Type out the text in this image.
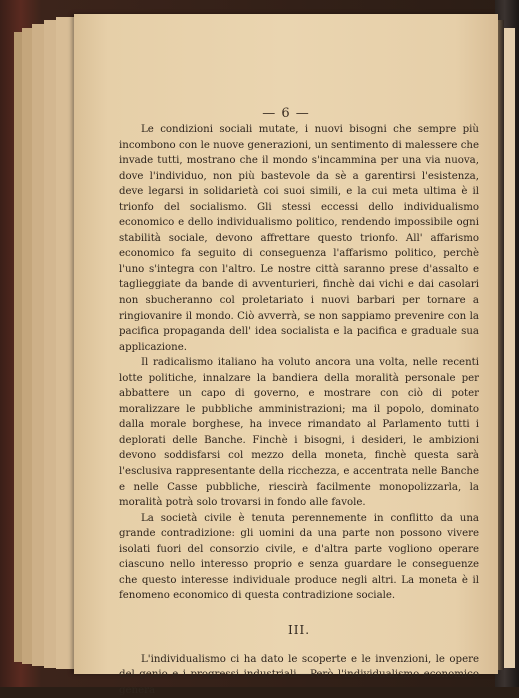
— 6 —

Le condizioni sociali mutate, i nuovi bisogni che sempre più incombono con le nuove generazioni, un sentimento di malessere che invade tutti, mostrano che il mondo s'incammina per una via nuova, dove l'individuo, non più bastevole da sè a garentirsi l'esistenza, deve legarsi in solidarietà coi suoi simili, e la cui meta ultima è il trionfo del socialismo. Gli stessi eccessi dello individualismo economico e dello individualismo politico, rendendo impossibile ogni stabilità sociale, devono affrettare questo trionfo. All' affarismo economico fa seguito di conseguenza l'affarismo politico, perchè l'uno s'integra con l'altro. Le nostre città saranno prese d'assalto e taglieggiate da bande di avventurieri, finchè dai vichi e dai casolari non sbucheranno col proletariato i nuovi barbari per tornare a ringiovanire il mondo. Ciò avverrà, se non sappiamo prevenire con la pacifica propaganda dell' idea socialista e la pacifica e graduale sua applicazione.

Il radicalismo italiano ha voluto ancora una volta, nelle recenti lotte politiche, innalzare la bandiera della moralità personale per abbattere un capo di governo, e mostrare con ciò di poter moralizzare le pubbliche amministrazioni; ma il popolo, dominato dalla morale borghese, ha invece rimandato al Parlamento tutti i deplorati delle Banche. Finchè i bisogni, i desideri, le ambizioni devono soddisfarsi col mezzo della moneta, finchè questa sarà l'esclusiva rappresentante della ricchezza, e accentrata nelle Banche e nelle Casse pubbliche, riescirà facilmente monopolizzarla, la moralità potrà solo trovarsi in fondo alle favole.

La società civile è tenuta perennemente in conflitto da una grande contradizione: gli uomini da una parte non possono vivere isolati fuori del consorzio civile, e d'altra parte vogliono operare ciascuno nello interesso proprio e senza guardare le conseguenze che questo interesse individuale produce negli altri. La moneta è il fenomeno economico di questa contradizione sociale.

III.

L'individualismo ci ha dato le scoperte e le invenzioni, le opere del genio e i progressi industriali.—Però l'individualismo economico genera
